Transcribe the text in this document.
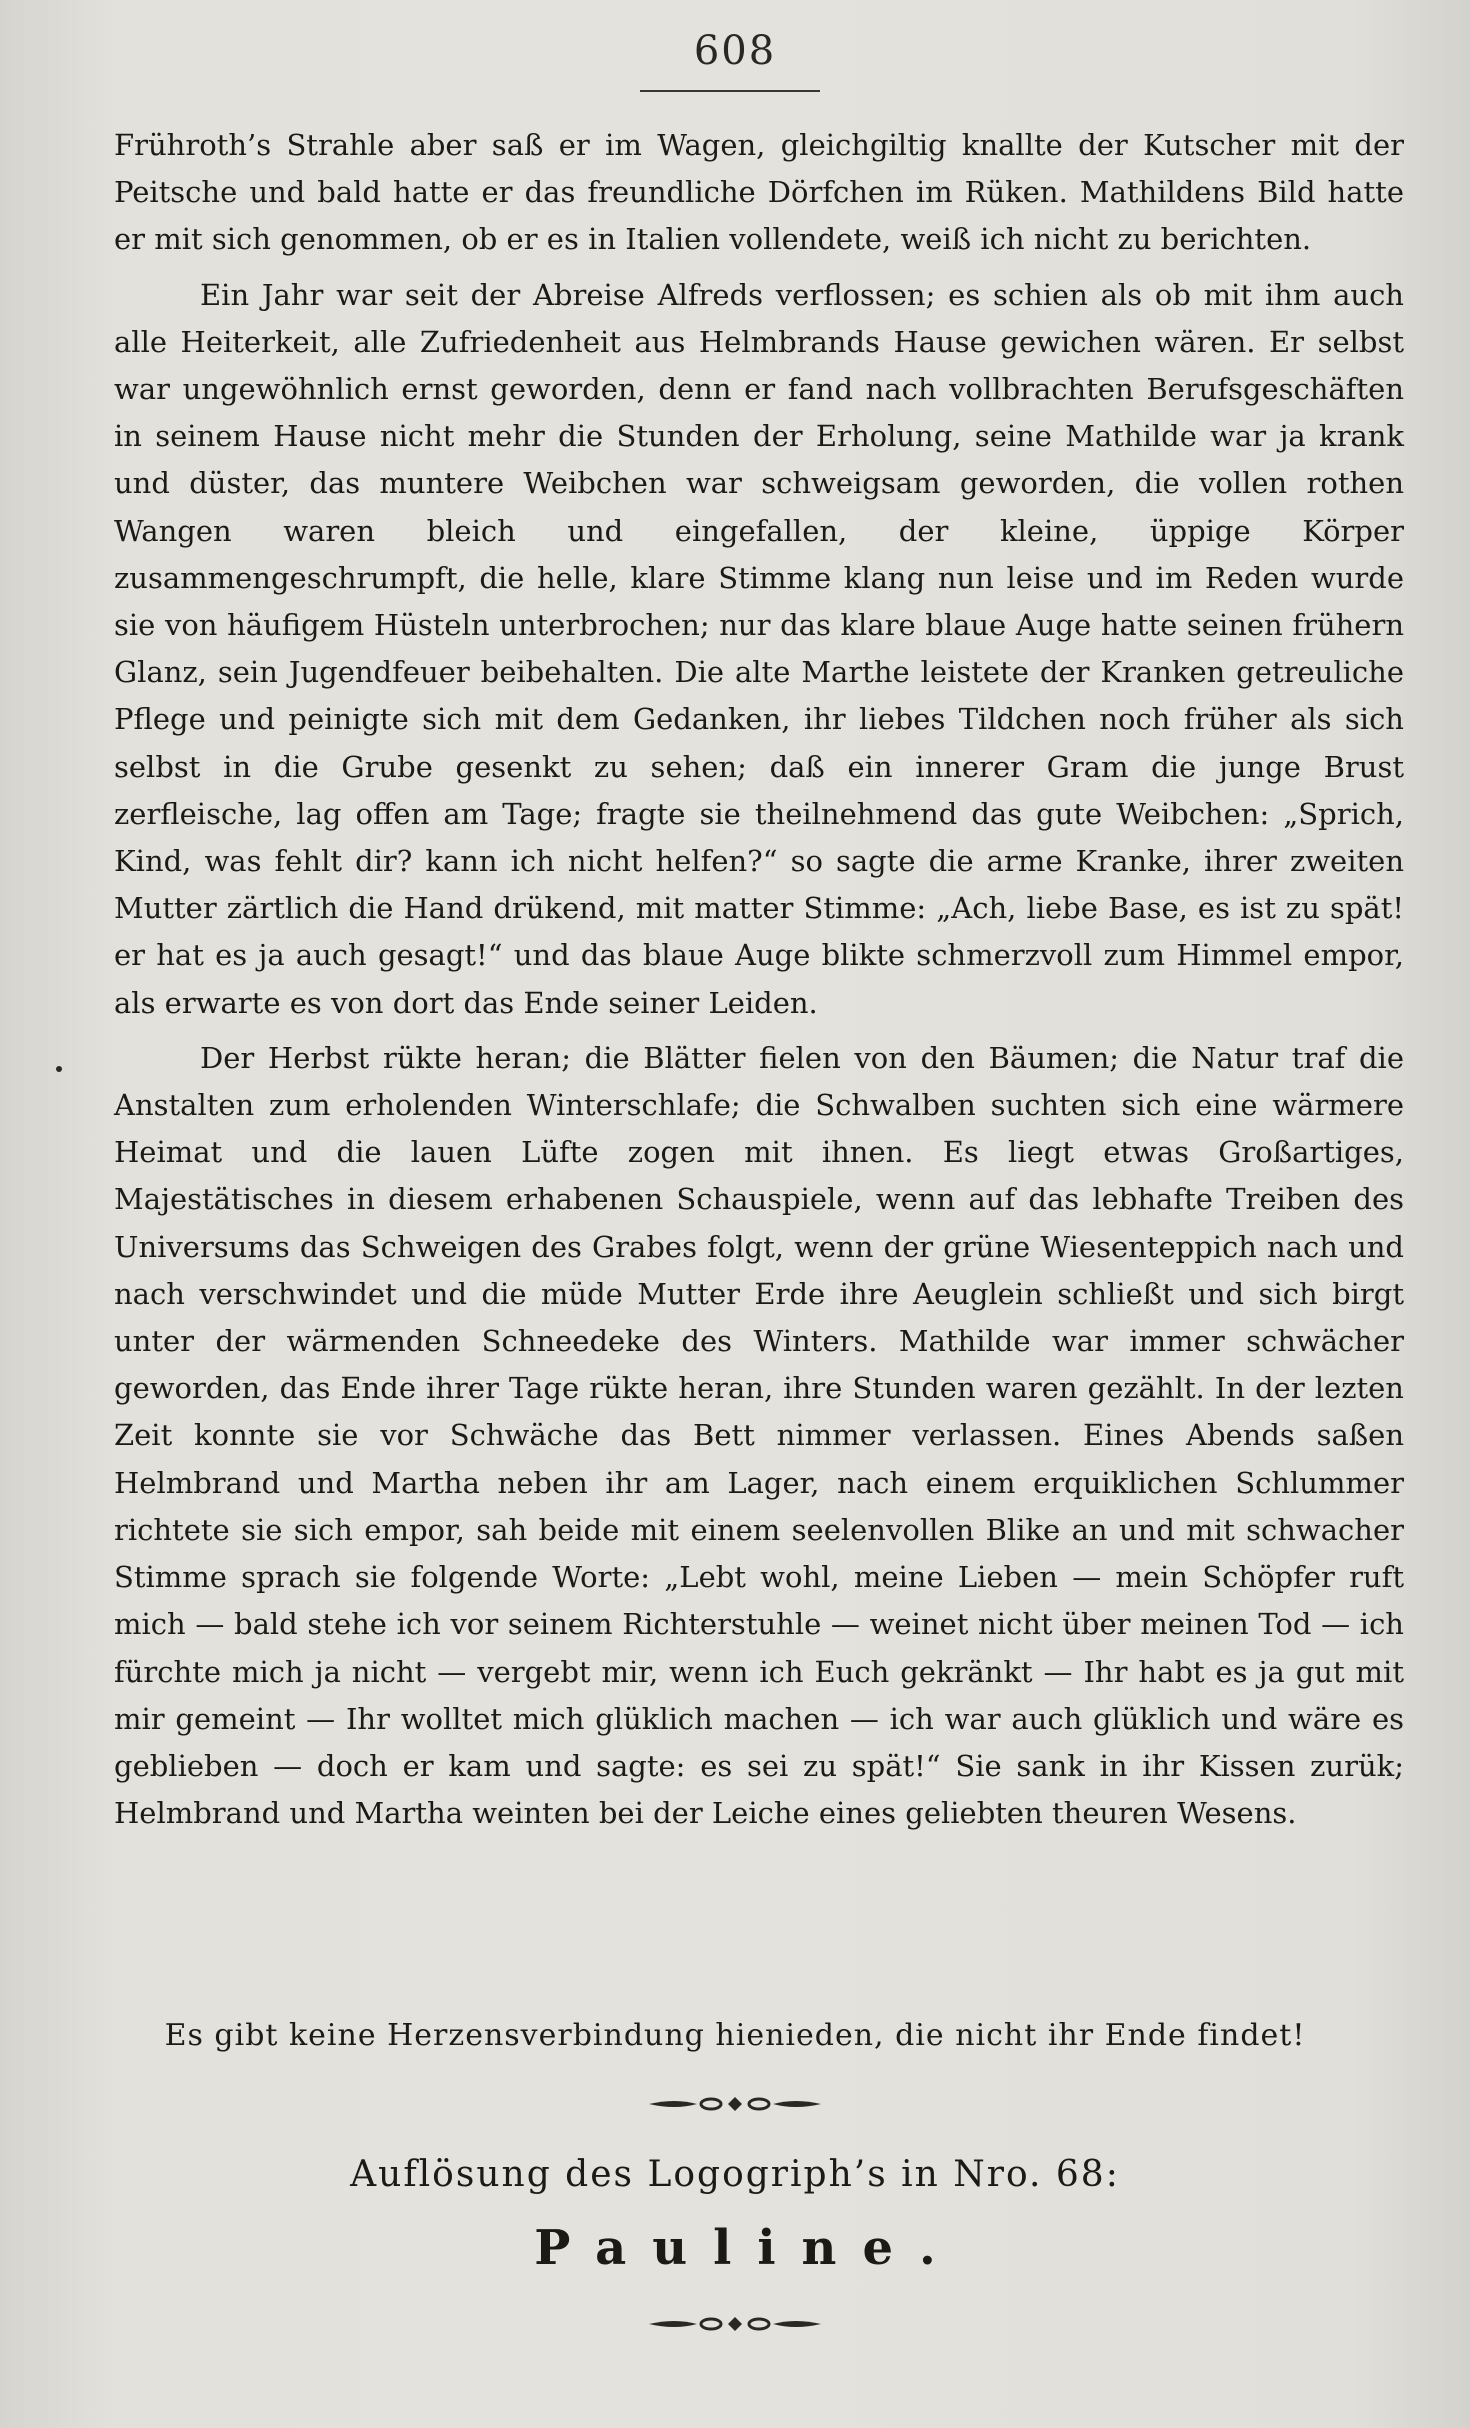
608

Frühroth’s Strahle aber saß er im Wagen, gleichgiltig knallte der Kutscher mit der Peitsche und bald hatte er das freundliche Dörfchen im Rüken. Mathildens Bild hatte er mit sich genommen, ob er es in Italien vollendete, weiß ich nicht zu berichten.

Ein Jahr war seit der Abreise Alfreds verflossen; es schien als ob mit ihm auch alle Heiterkeit, alle Zufriedenheit aus Helmbrands Hause gewichen wären. Er selbst war ungewöhnlich ernst geworden, denn er fand nach vollbrachten Berufsgeschäften in seinem Hause nicht mehr die Stunden der Erholung, seine Mathilde war ja krank und düster, das muntere Weibchen war schweigsam geworden, die vollen rothen Wangen waren bleich und eingefallen, der kleine, üppige Körper zusammengeschrumpft, die helle, klare Stimme klang nun leise und im Reden wurde sie von häufigem Hüsteln unterbrochen; nur das klare blaue Auge hatte seinen frühern Glanz, sein Jugendfeuer beibehalten. Die alte Marthe leistete der Kranken getreuliche Pflege und peinigte sich mit dem Gedanken, ihr liebes Tildchen noch früher als sich selbst in die Grube gesenkt zu sehen; daß ein innerer Gram die junge Brust zerfleische, lag offen am Tage; fragte sie theilnehmend das gute Weibchen: „Sprich, Kind, was fehlt dir? kann ich nicht helfen?“ so sagte die arme Kranke, ihrer zweiten Mutter zärtlich die Hand drükend, mit matter Stimme: „Ach, liebe Base, es ist zu spät! er hat es ja auch gesagt!“ und das blaue Auge blikte schmerzvoll zum Himmel empor, als erwarte es von dort das Ende seiner Leiden.

Der Herbst rükte heran; die Blätter fielen von den Bäumen; die Natur traf die Anstalten zum erholenden Winterschlafe; die Schwalben suchten sich eine wärmere Heimat und die lauen Lüfte zogen mit ihnen. Es liegt etwas Großartiges, Majestätisches in diesem erhabenen Schauspiele, wenn auf das lebhafte Treiben des Universums das Schweigen des Grabes folgt, wenn der grüne Wiesenteppich nach und nach verschwindet und die müde Mutter Erde ihre Aeuglein schließt und sich birgt unter der wärmenden Schneedeke des Winters. Mathilde war immer schwächer geworden, das Ende ihrer Tage rükte heran, ihre Stunden waren gezählt. In der lezten Zeit konnte sie vor Schwäche das Bett nimmer verlassen. Eines Abends saßen Helmbrand und Martha neben ihr am Lager, nach einem erquiklichen Schlummer richtete sie sich empor, sah beide mit einem seelenvollen Blike an und mit schwacher Stimme sprach sie folgende Worte: „Lebt wohl, meine Lieben — mein Schöpfer ruft mich — bald stehe ich vor seinem Richterstuhle — weinet nicht über meinen Tod — ich fürchte mich ja nicht — vergebt mir, wenn ich Euch gekränkt — Ihr habt es ja gut mit mir gemeint — Ihr wolltet mich glüklich machen — ich war auch glüklich und wäre es geblieben — doch er kam und sagte: es sei zu spät!“ Sie sank in ihr Kissen zurük; Helmbrand und Martha weinten bei der Leiche eines geliebten theuren Wesens.

Es gibt keine Herzensverbindung hienieden, die nicht ihr Ende findet!
Auflösung des Logogriph’s in Nro. 68:
Pauline.
